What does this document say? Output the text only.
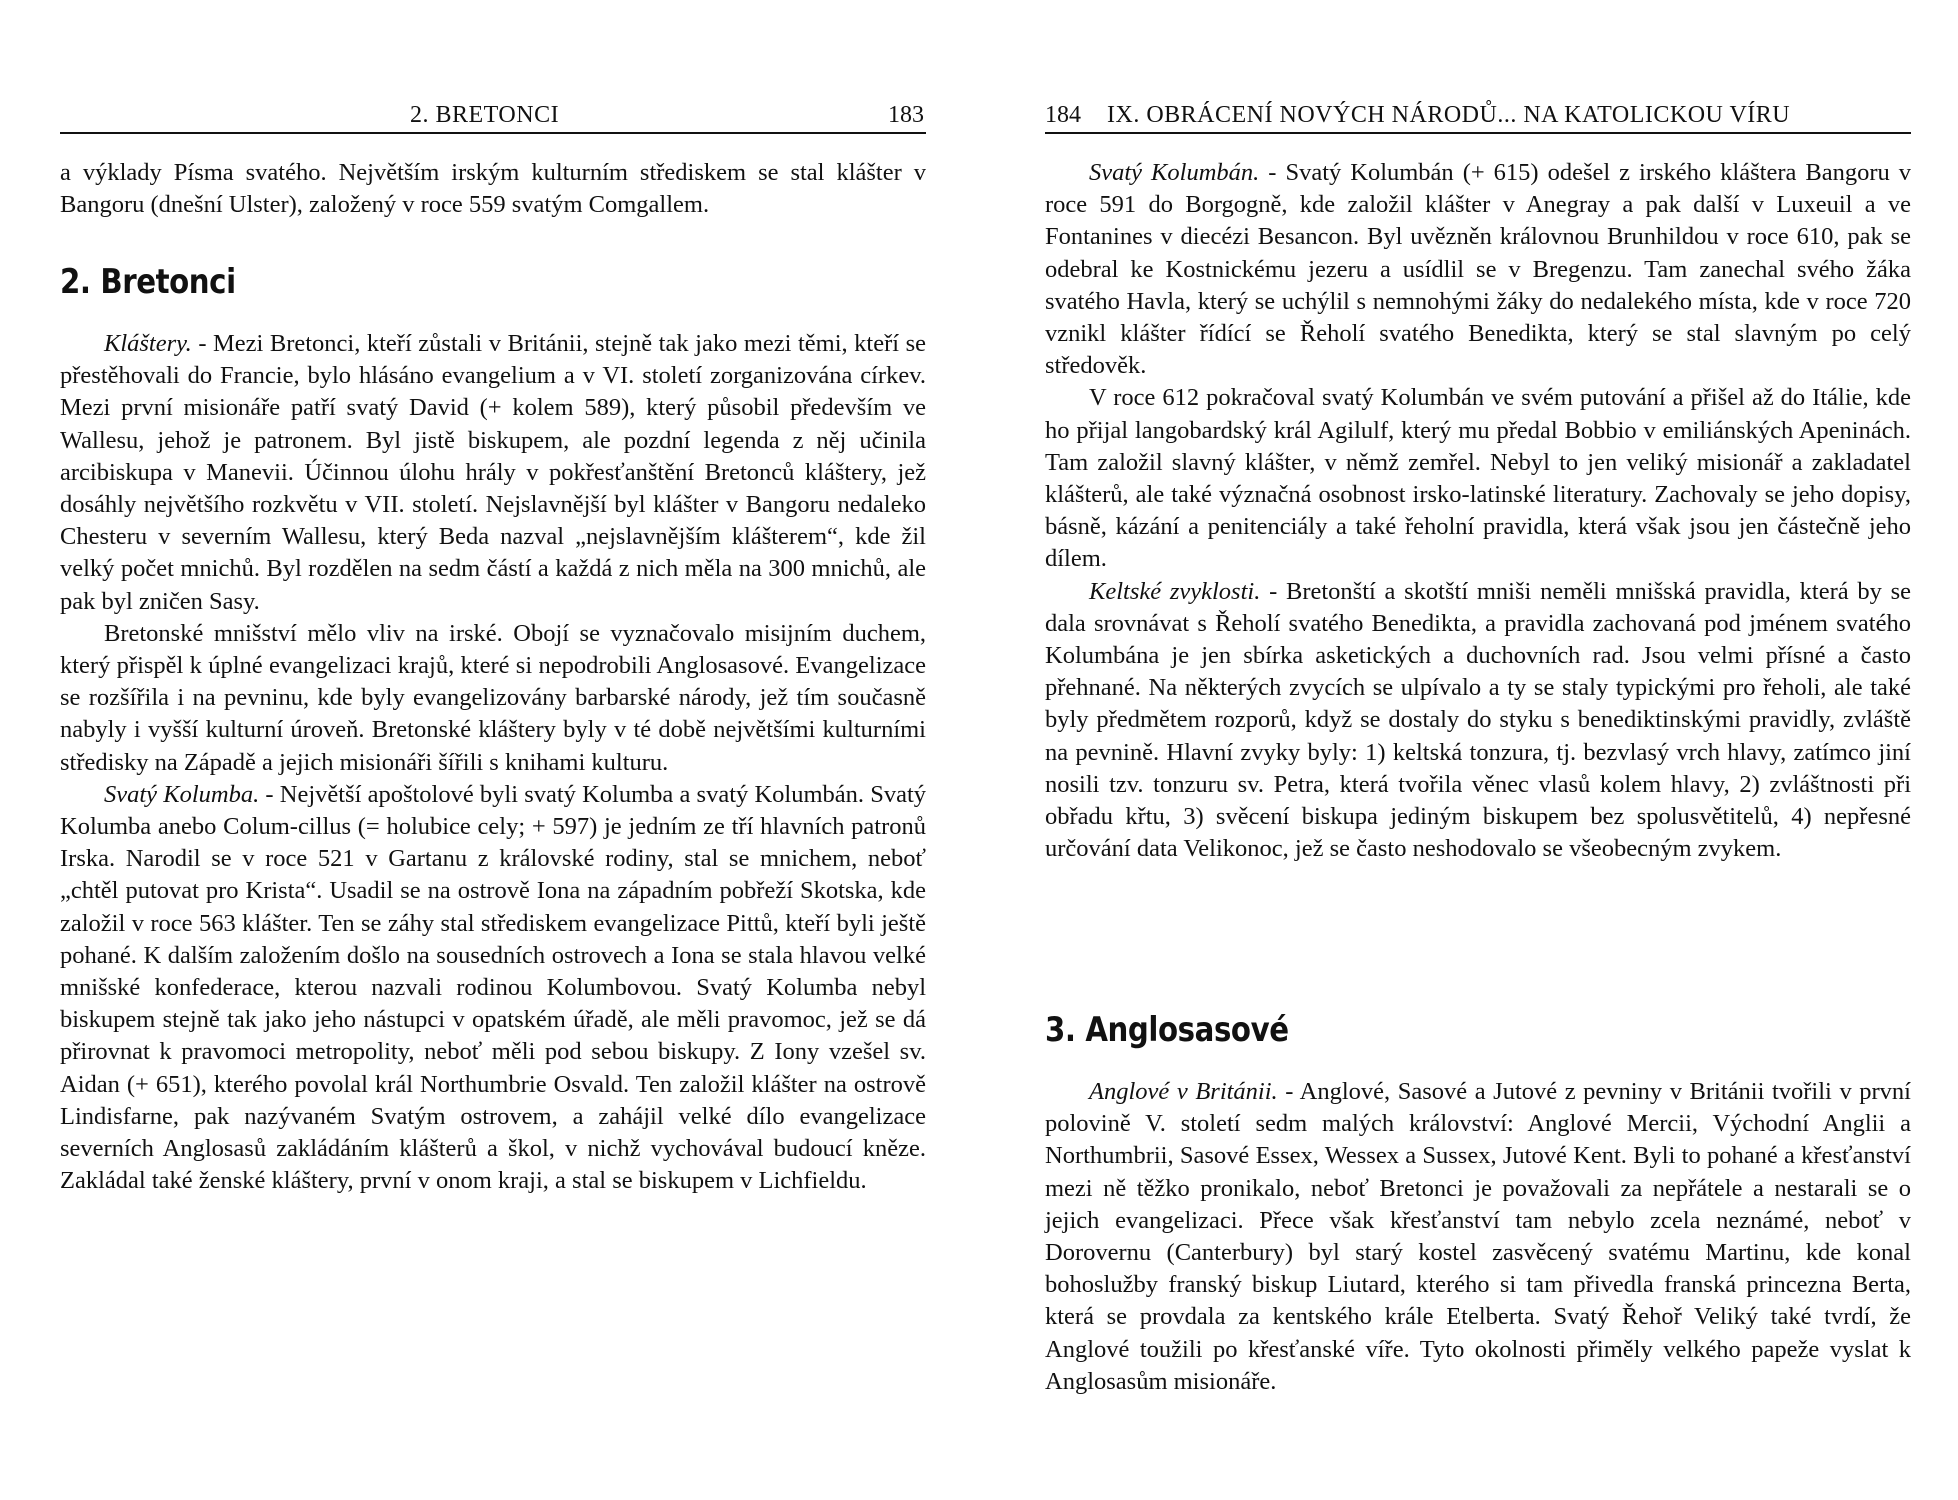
2. BRETONCI	183

a výklady Písma svatého. Největším irským kulturním střediskem se stal klášter v Bangoru (dnešní Ulster), založený v roce 559 svatým Comgallem.

2. Bretonci

Kláštery. - Mezi Bretonci, kteří zůstali v Británii, stejně tak jako mezi těmi, kteří se přestěhovali do Francie, bylo hlásáno evangelium a v VI. století zorganizována církev. Mezi první misionáře patří svatý David (+ kolem 589), který působil především ve Wallesu, jehož je patronem. Byl jistě biskupem, ale pozdní legenda z něj učinila arcibiskupa v Manevii. Účinnou úlohu hrály v pokřesťanštění Bretonců kláštery, jež dosáhly největšího rozkvětu v VII. století. Nejslavnější byl klášter v Bangoru nedaleko Chesteru v severním Wallesu, který Beda nazval „nejslavnějším klášterem“, kde žil velký počet mnichů. Byl rozdělen na sedm částí a každá z nich měla na 300 mnichů, ale pak byl zničen Sasy.

Bretonské mnišství mělo vliv na irské. Obojí se vyznačovalo misijním duchem, který přispěl k úplné evangelizaci krajů, které si nepodrobili Anglosasové. Evangelizace se rozšířila i na pevninu, kde byly evangelizovány barbarské národy, jež tím současně nabyly i vyšší kulturní úroveň. Bretonské kláštery byly v té době největšími kulturními středisky na Západě a jejich misionáři šířili s knihami kulturu.

Svatý Kolumba. - Největší apoštolové byli svatý Kolumba a svatý Kolumbán. Svatý Kolumba anebo Colum-cillus (= holubice cely; + 597) je jedním ze tří hlavních patronů Irska. Narodil se v roce 521 v Gartanu z královské rodiny, stal se mnichem, neboť „chtěl putovat pro Krista“. Usadil se na ostrově Iona na západním pobřeží Skotska, kde založil v roce 563 klášter. Ten se záhy stal střediskem evangelizace Pittů, kteří byli ještě pohané. K dalším založením došlo na sousedních ostrovech a Iona se stala hlavou velké mnišské konfederace, kterou nazvali rodinou Kolumbovou. Svatý Kolumba nebyl biskupem stejně tak jako jeho nástupci v opatském úřadě, ale měli pravomoc, jež se dá přirovnat k pravomoci metropolity, neboť měli pod sebou biskupy. Z Iony vzešel sv. Aidan (+ 651), kterého povolal král Northumbrie Osvald. Ten založil klášter na ostrově Lindisfarne, pak nazývaném Svatým ostrovem, a zahájil velké dílo evangelizace severních Anglosasů zakládáním klášterů a škol, v nichž vychovával budoucí kněze. Zakládal také ženské kláštery, první v onom kraji, a stal se biskupem v Lichfieldu.

184 IX. OBRÁCENÍ NOVÝCH NÁRODŮ... NA KATOLICKOU VÍRU

Svatý Kolumbán. - Svatý Kolumbán (+ 615) odešel z irského kláštera Bangoru v roce 591 do Borgogně, kde založil klášter v Anegray a pak další v Luxeuil a ve Fontanines v diecézi Besancon. Byl uvězněn královnou Brunhildou v roce 610, pak se odebral ke Kostnickému jezeru a usídlil se v Bregenzu. Tam zanechal svého žáka svatého Havla, který se uchýlil s nemnohými žáky do nedalekého místa, kde v roce 720 vznikl klášter řídící se Řeholí svatého Benedikta, který se stal slavným po celý středověk.

V roce 612 pokračoval svatý Kolumbán ve svém putování a přišel až do Itálie, kde ho přijal langobardský král Agilulf, který mu předal Bobbio v emiliánských Apeninách. Tam založil slavný klášter, v němž zemřel. Nebyl to jen veliký misionář a zakladatel klášterů, ale také význačná osobnost irsko-latinské literatury. Zachovaly se jeho dopisy, básně, kázání a penitenciály a také řeholní pravidla, která však jsou jen částečně jeho dílem.

Keltské zvyklosti. - Bretonští a skotští mniši neměli mnišská pravidla, která by se dala srovnávat s Řeholí svatého Benedikta, a pravidla zachovaná pod jménem svatého Kolumbána je jen sbírka asketických a duchovních rad. Jsou velmi přísné a často přehnané. Na některých zvycích se ulpívalo a ty se staly typickými pro řeholi, ale také byly předmětem rozporů, když se dostaly do styku s benediktinskými pravidly, zvláště na pevnině. Hlavní zvyky byly: 1) keltská tonzura, tj. bezvlasý vrch hlavy, zatímco jiní nosili tzv. tonzuru sv. Petra, která tvořila věnec vlasů kolem hlavy, 2) zvláštnosti při obřadu křtu, 3) svěcení biskupa jediným biskupem bez spolusvětitelů, 4) nepřesné určování data Velikonoc, jež se často neshodovalo se všeobecným zvykem.

3. Anglosasové

Anglové v Británii. - Anglové, Sasové a Jutové z pevniny v Británii tvořili v první polovině V. století sedm malých království: Anglové Mercii, Východní Anglii a Northumbrii, Sasové Essex, Wessex a Sussex, Jutové Kent. Byli to pohané a křesťanství mezi ně těžko pronikalo, neboť Bretonci je považovali za nepřátele a nestarali se o jejich evangelizaci. Přece však křesťanství tam nebylo zcela neznámé, neboť v Dorovernu (Canterbury) byl starý kostel zasvěcený svatému Martinu, kde konal bohoslužby franský biskup Liutard, kterého si tam přivedla franská princezna Berta, která se provdala za kentského krále Etelberta. Svatý Řehoř Veliký také tvrdí, že Anglové toužili po křesťanské víře. Tyto okolnosti přiměly velkého papeže vyslat k Anglosasům misionáře.
